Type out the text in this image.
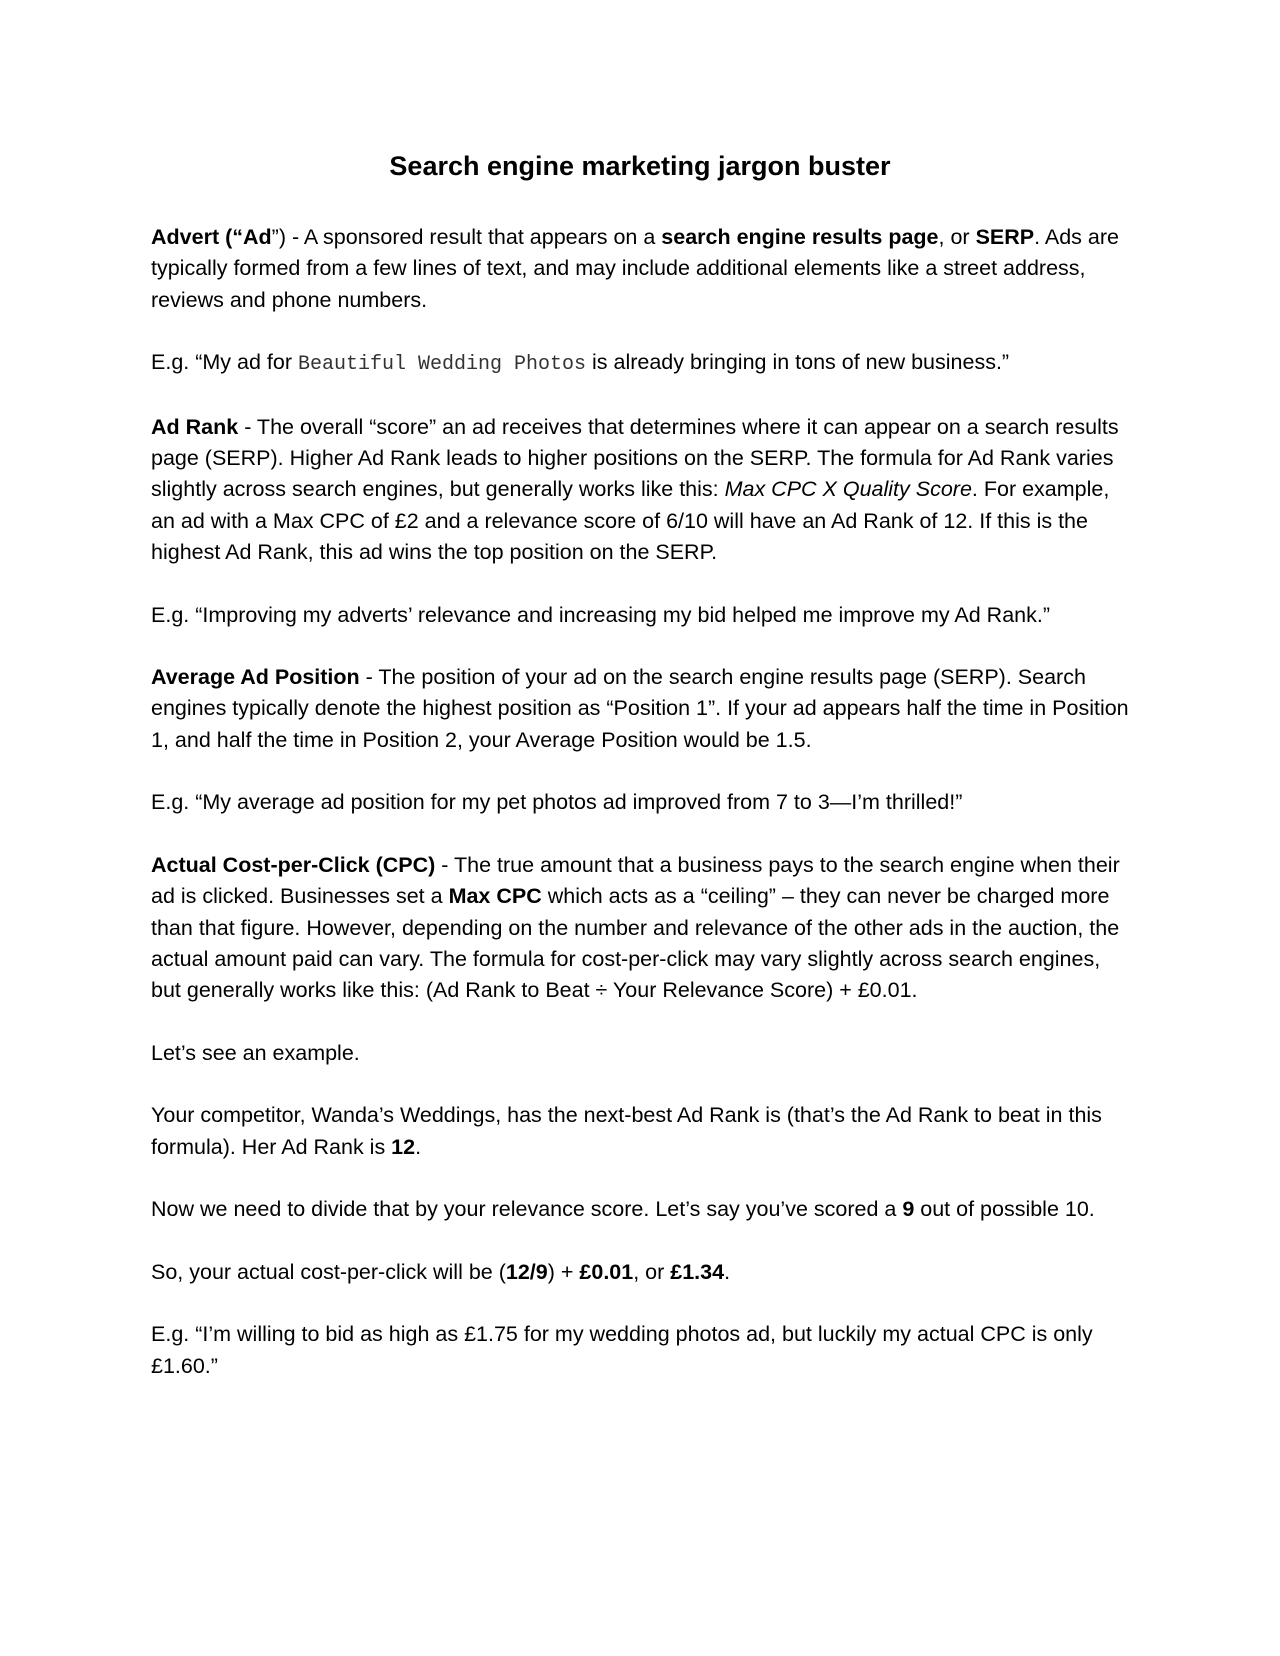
Search engine marketing jargon buster

Advert (“Ad”) - A sponsored result that appears on a search engine results page, or SERP. Ads are typically formed from a few lines of text, and may include additional elements like a street address, reviews and phone numbers.

E.g. “My ad for Beautiful Wedding Photos is already bringing in tons of new business.”

Ad Rank - The overall “score” an ad receives that determines where it can appear on a search results page (SERP). Higher Ad Rank leads to higher positions on the SERP. The formula for Ad Rank varies slightly across search engines, but generally works like this: Max CPC X Quality Score. For example, an ad with a Max CPC of £2 and a relevance score of 6/10 will have an Ad Rank of 12. If this is the highest Ad Rank, this ad wins the top position on the SERP.

E.g. “Improving my adverts’ relevance and increasing my bid helped me improve my Ad Rank.”

Average Ad Position - The position of your ad on the search engine results page (SERP). Search engines typically denote the highest position as “Position 1”. If your ad appears half the time in Position 1, and half the time in Position 2, your Average Position would be 1.5.

E.g. “My average ad position for my pet photos ad improved from 7 to 3—I’m thrilled!”

Actual Cost-per-Click (CPC) - The true amount that a business pays to the search engine when their ad is clicked. Businesses set a Max CPC which acts as a “ceiling” – they can never be charged more than that figure. However, depending on the number and relevance of the other ads in the auction, the actual amount paid can vary. The formula for cost-per-click may vary slightly across search engines, but generally works like this: (Ad Rank to Beat ÷ Your Relevance Score) + £0.01.

Let’s see an example.

Your competitor, Wanda’s Weddings, has the next-best Ad Rank is (that’s the Ad Rank to beat in this formula). Her Ad Rank is 12.

Now we need to divide that by your relevance score. Let’s say you’ve scored a 9 out of possible 10.

So, your actual cost-per-click will be (12/9) + £0.01, or £1.34.

E.g. “I’m willing to bid as high as £1.75 for my wedding photos ad, but luckily my actual CPC is only £1.60.”
